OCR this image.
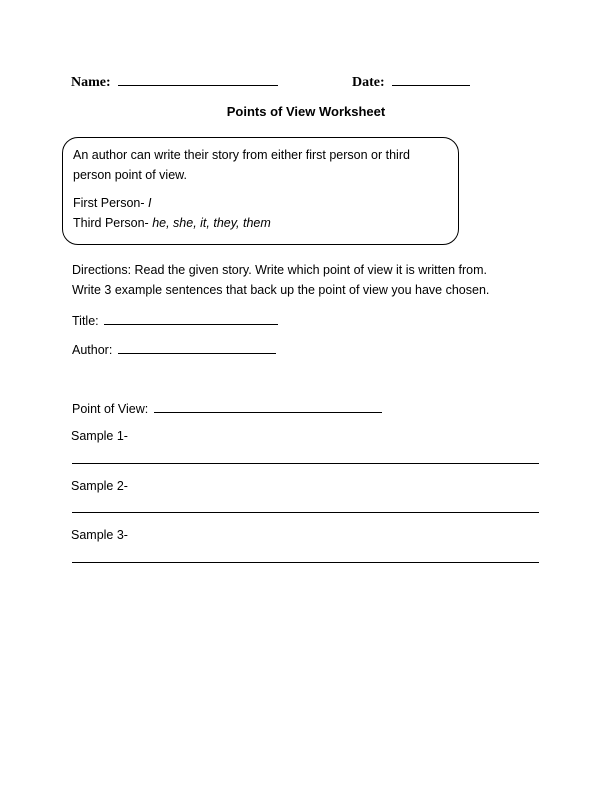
Name:	Date:
Points of View Worksheet
An author can write their story from either first person or third
person point of view.
First Person- I
Third Person- he, she, it, they, them
Directions: Read the given story. Write which point of view it is written from.
Write 3 example sentences that back up the point of view you have chosen.
Title:
Author:
Point of View:
Sample 1-
Sample 2-
Sample 3-
